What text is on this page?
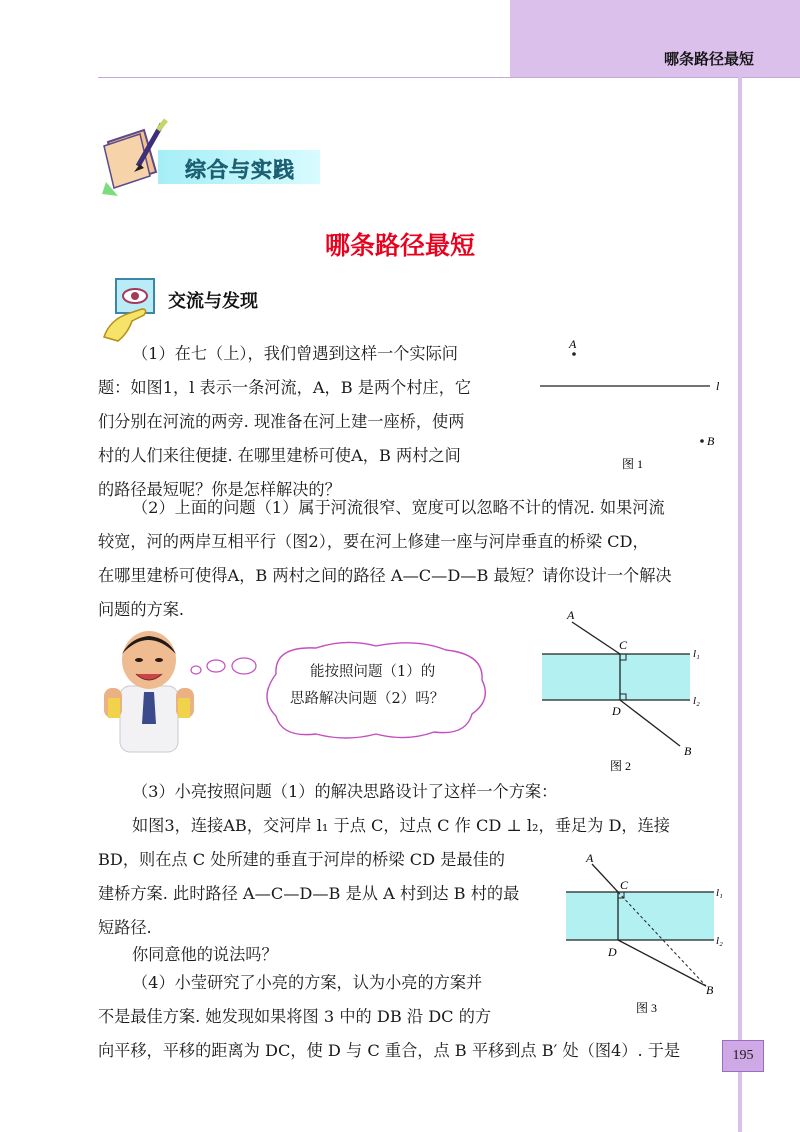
哪条路径最短
195
综合与实践
哪条路径最短
交流与发现
（1）在七（上），我们曾遇到这样一个实际问
题：如图1，l 表示一条河流，A，B 是两个村庄，它
们分别在河流的两旁. 现准备在河上建一座桥，使两
村的人们来往便捷. 在哪里建桥可使A，B 两村之间
的路径最短呢？你是怎样解决的？
A
B
l
图 1
（2）上面的问题（1）属于河流很窄、宽度可以忽略不计的情况. 如果河流
较宽，河的两岸互相平行（图2），要在河上修建一座与河岸垂直的桥梁 CD，
在哪里建桥可使得A，B 两村之间的路径 A—C—D—B 最短？请你设计一个解决
问题的方案.
能按照问题（1）的
思路解决问题（2）吗？
A
C
D
B
l₁
l₂
图 2
（3）小亮按照问题（1）的解决思路设计了这样一个方案：
如图3，连接AB，交河岸 l₁ 于点 C，过点 C 作 CD ⊥ l₂，垂足为 D，连接
BD，则在点 C 处所建的垂直于河岸的桥梁 CD 是最佳的
建桥方案. 此时路径 A—C—D—B 是从 A 村到达 B 村的最
短路径.
你同意他的说法吗？
A
C
D
B
l₁
l₂
图 3
（4）小莹研究了小亮的方案，认为小亮的方案并
不是最佳方案. 她发现如果将图 3 中的 DB 沿 DC 的方
向平移，平移的距离为 DC，使 D 与 C 重合，点 B 平移到点 B′ 处（图4）. 于是
